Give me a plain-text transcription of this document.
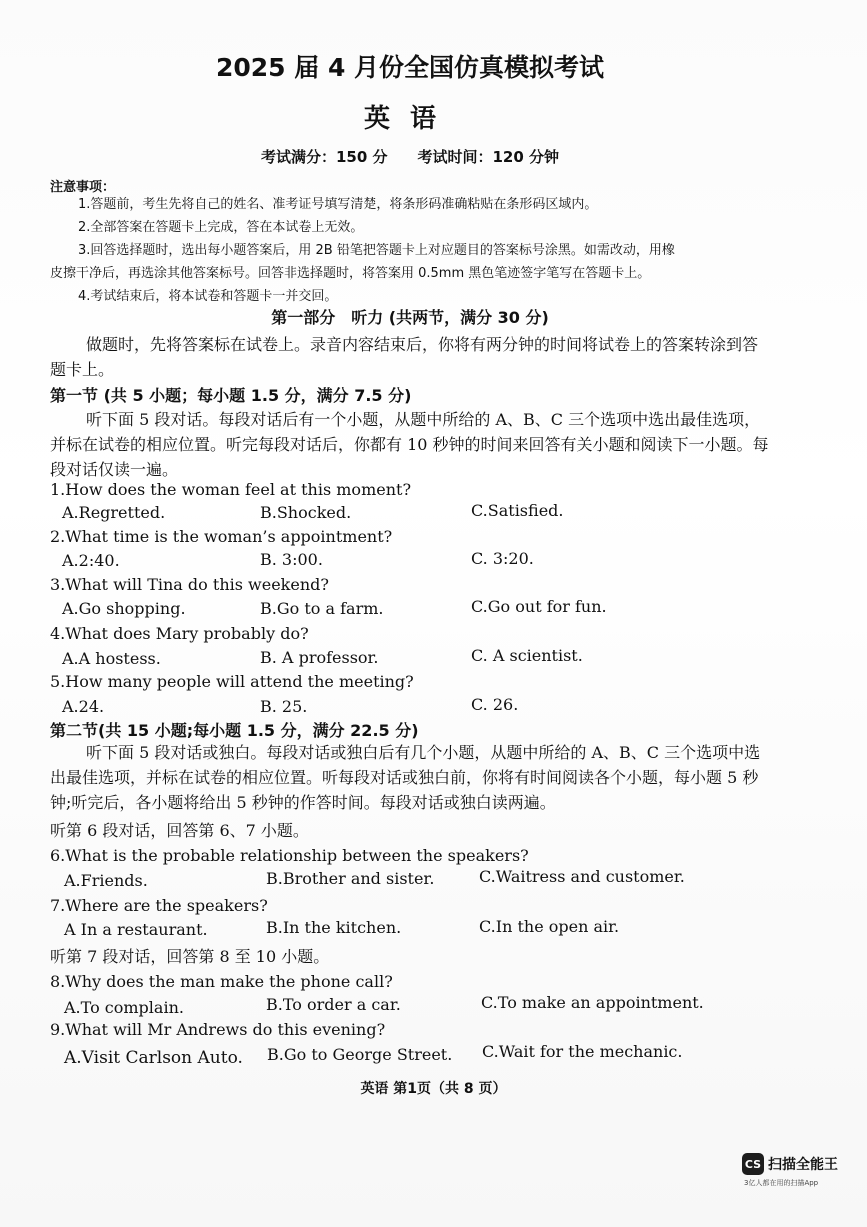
2025 届 4 月份全国仿真模拟考试
英语
考试满分：150 分　　考试时间：120 分钟
注意事项：
1.答题前，考生先将自己的姓名、准考证号填写清楚，将条形码准确粘贴在条形码区域内。
2.全部答案在答题卡上完成，答在本试卷上无效。
3.回答选择题时，选出每小题答案后，用 2B 铅笔把答题卡上对应题目的答案标号涂黑。如需改动，用橡
皮擦干净后，再选涂其他答案标号。回答非选择题时，将答案用 0.5mm 黑色笔迹签字笔写在答题卡上。
4.考试结束后，将本试卷和答题卡一并交回。
第一部分　听力 (共两节，满分 30 分)
做题时，先将答案标在试卷上。录音内容结束后，你将有两分钟的时间将试卷上的答案转涂到答题卡上。
第一节 (共 5 小题；每小题 1.5 分，满分 7.5 分)
听下面 5 段对话。每段对话后有一个小题，从题中所给的 A、B、C 三个选项中选出最佳选项，并标在试卷的相应位置。听完每段对话后，你都有 10 秒钟的时间来回答有关小题和阅读下一小题。每段对话仅读一遍。
1.How does the woman feel at this moment?
A.Regretted.	B.Shocked.	C.Satisfied.
2.What time is the woman’s appointment?
A.2:40.	B. 3:00.	C. 3:20.
3.What will Tina do this weekend?
A.Go shopping.	B.Go to a farm.	C.Go out for fun.
4.What does Mary probably do?
A.A hostess.	B. A professor.	C. A scientist.
5.How many people will attend the meeting?
A.24.	B. 25.	C. 26.
第二节(共 15 小题;每小题 1.5 分，满分 22.5 分)
听下面 5 段对话或独白。每段对话或独白后有几个小题，从题中所给的 A、B、C 三个选项中选出最佳选项，并标在试卷的相应位置。听每段对话或独白前，你将有时间阅读各个小题，每小题 5 秒钟;听完后，各小题将给出 5 秒钟的作答时间。每段对话或独白读两遍。
听第 6 段对话，回答第 6、7 小题。
6.What is the probable relationship between the speakers?
A.Friends.	B.Brother and sister.	C.Waitress and customer.
7.Where are the speakers?
A In a restaurant.	B.In the kitchen.	C.In the open air.
听第 7 段对话，回答第 8 至 10 小题。
8.Why does the man make the phone call?
A.To complain.	B.To order a car.	C.To make an appointment.
9.What will Mr Andrews do this evening?
A.Visit Carlson Auto. B.Go to George Street. C.Wait for the mechanic.
英语 第1页（共 8 页）
CS 扫描全能王
3亿人都在用的扫描App
